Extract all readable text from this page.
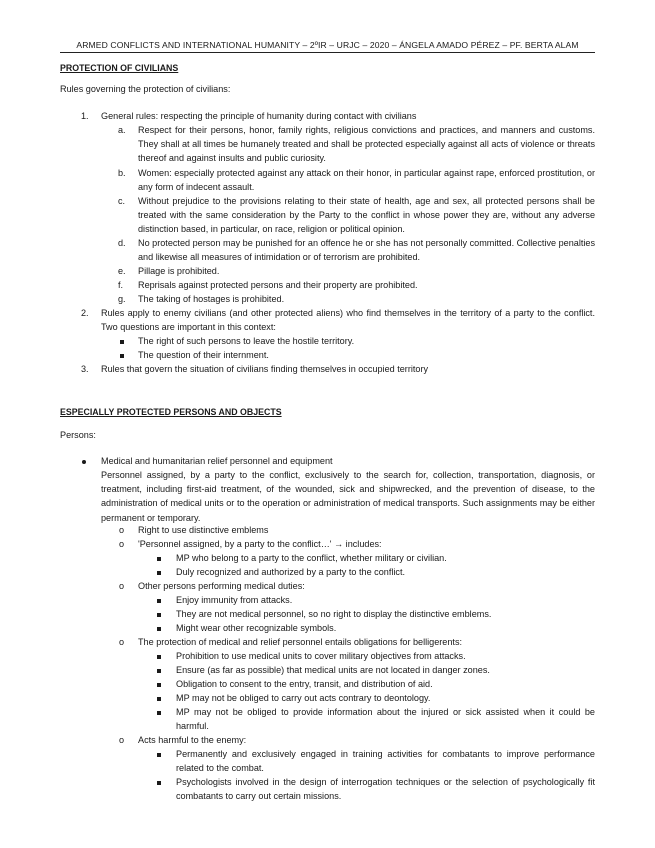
ARMED CONFLICTS AND INTERNATIONAL HUMANITY – 2ºIR – URJC – 2020 – ÁNGELA AMADO PÉREZ – PF. BERTA ALAM
PROTECTION OF CIVILIANS
Rules governing the protection of civilians:
1. General rules: respecting the principle of humanity during contact with civilians
a. Respect for their persons, honor, family rights, religious convictions and practices, and manners and customs. They shall at all times be humanely treated and shall be protected especially against all acts of violence or threats thereof and against insults and public curiosity.
b. Women: especially protected against any attack on their honor, in particular against rape, enforced prostitution, or any form of indecent assault.
c. Without prejudice to the provisions relating to their state of health, age and sex, all protected persons shall be treated with the same consideration by the Party to the conflict in whose power they are, without any adverse distinction based, in particular, on race, religion or political opinion.
d. No protected person may be punished for an offence he or she has not personally committed. Collective penalties and likewise all measures of intimidation or of terrorism are prohibited.
e. Pillage is prohibited.
f. Reprisals against protected persons and their property are prohibited.
g. The taking of hostages is prohibited.
2. Rules apply to enemy civilians (and other protected aliens) who find themselves in the territory of a party to the conflict. Two questions are important in this context:
The right of such persons to leave the hostile territory.
The question of their internment.
3. Rules that govern the situation of civilians finding themselves in occupied territory
ESPECIALLY PROTECTED PERSONS AND OBJECTS
Persons:
Medical and humanitarian relief personnel and equipment
Personnel assigned, by a party to the conflict, exclusively to the search for, collection, transportation, diagnosis, or treatment, including first-aid treatment, of the wounded, sick and shipwrecked, and the prevention of disease, to the administration of medical units or to the operation or administration of medical transports. Such assignments may be either permanent or temporary.
o Right to use distinctive emblems
o 'Personnel assigned, by a party to the conflict…' → includes:
MP who belong to a party to the conflict, whether military or civilian.
Duly recognized and authorized by a party to the conflict.
o Other persons performing medical duties:
Enjoy immunity from attacks.
They are not medical personnel, so no right to display the distinctive emblems.
Might wear other recognizable symbols.
o The protection of medical and relief personnel entails obligations for belligerents:
Prohibition to use medical units to cover military objectives from attacks.
Ensure (as far as possible) that medical units are not located in danger zones.
Obligation to consent to the entry, transit, and distribution of aid.
MP may not be obliged to carry out acts contrary to deontology.
MP may not be obliged to provide information about the injured or sick assisted when it could be harmful.
o Acts harmful to the enemy:
Permanently and exclusively engaged in training activities for combatants to improve performance related to the combat.
Psychologists involved in the design of interrogation techniques or the selection of psychologically fit combatants to carry out certain missions.
